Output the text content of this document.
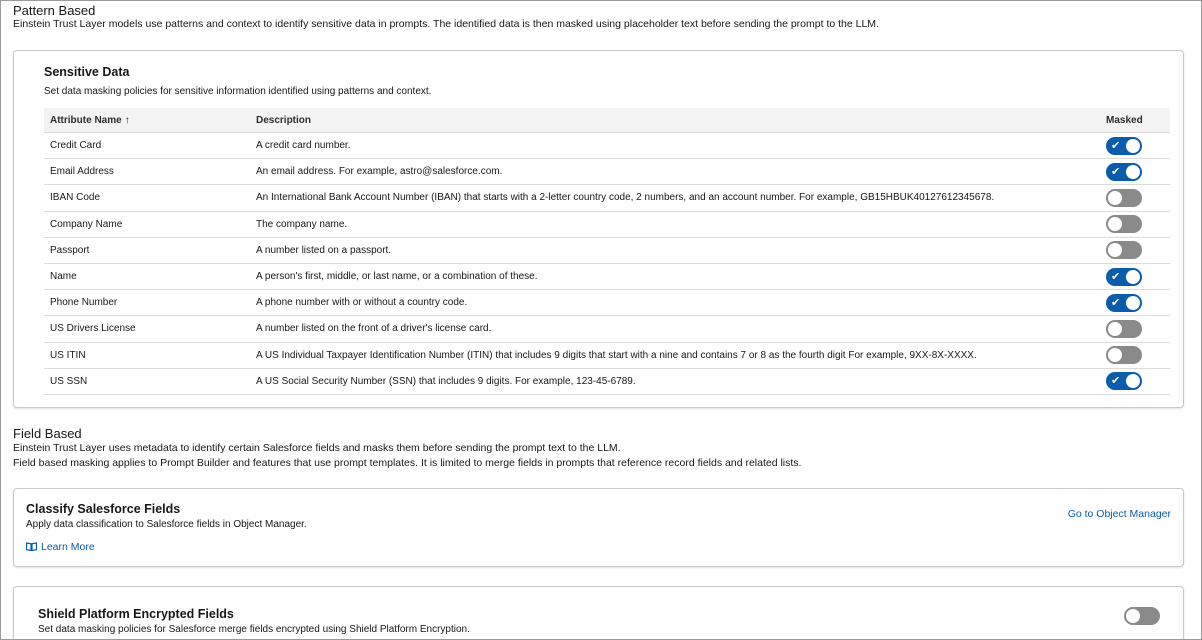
Pattern Based
Einstein Trust Layer models use patterns and context to identify sensitive data in prompts. The identified data is then masked using placeholder text before sending the prompt to the LLM.
Sensitive Data
Set data masking policies for sensitive information identified using patterns and context.
Attribute Name ↑	Description	Masked
Credit Card	A credit card number.	✔

Email Address	An email address. For example, astro@salesforce.com.	✔

IBAN Code	An International Bank Account Number (IBAN) that starts with a 2-letter country code, 2 numbers, and an account number. For example, GB15HBUK40127612345678.	

Company Name	The company name.	

Passport	A number listed on a passport.	

Name	A person's first, middle, or last name, or a combination of these.	✔

Phone Number	A phone number with or without a country code.	✔

US Drivers License	A number listed on the front of a driver's license card.	

US ITIN	A US Individual Taxpayer Identification Number (ITIN) that includes 9 digits that start with a nine and contains 7 or 8 as the fourth digit For example, 9XX-8X-XXXX.	

US SSN	A US Social Security Number (SSN) that includes 9 digits. For example, 123-45-6789.	✔
Field Based
Einstein Trust Layer uses metadata to identify certain Salesforce fields and masks them before sending the prompt text to the LLM.
Field based masking applies to Prompt Builder and features that use prompt templates. It is limited to merge fields in prompts that reference record fields and related lists.
Classify Salesforce Fields
Apply data classification to Salesforce fields in Object Manager.
Learn More
Go to Object Manager
Shield Platform Encrypted Fields
Set data masking policies for Salesforce merge fields encrypted using Shield Platform Encryption.
